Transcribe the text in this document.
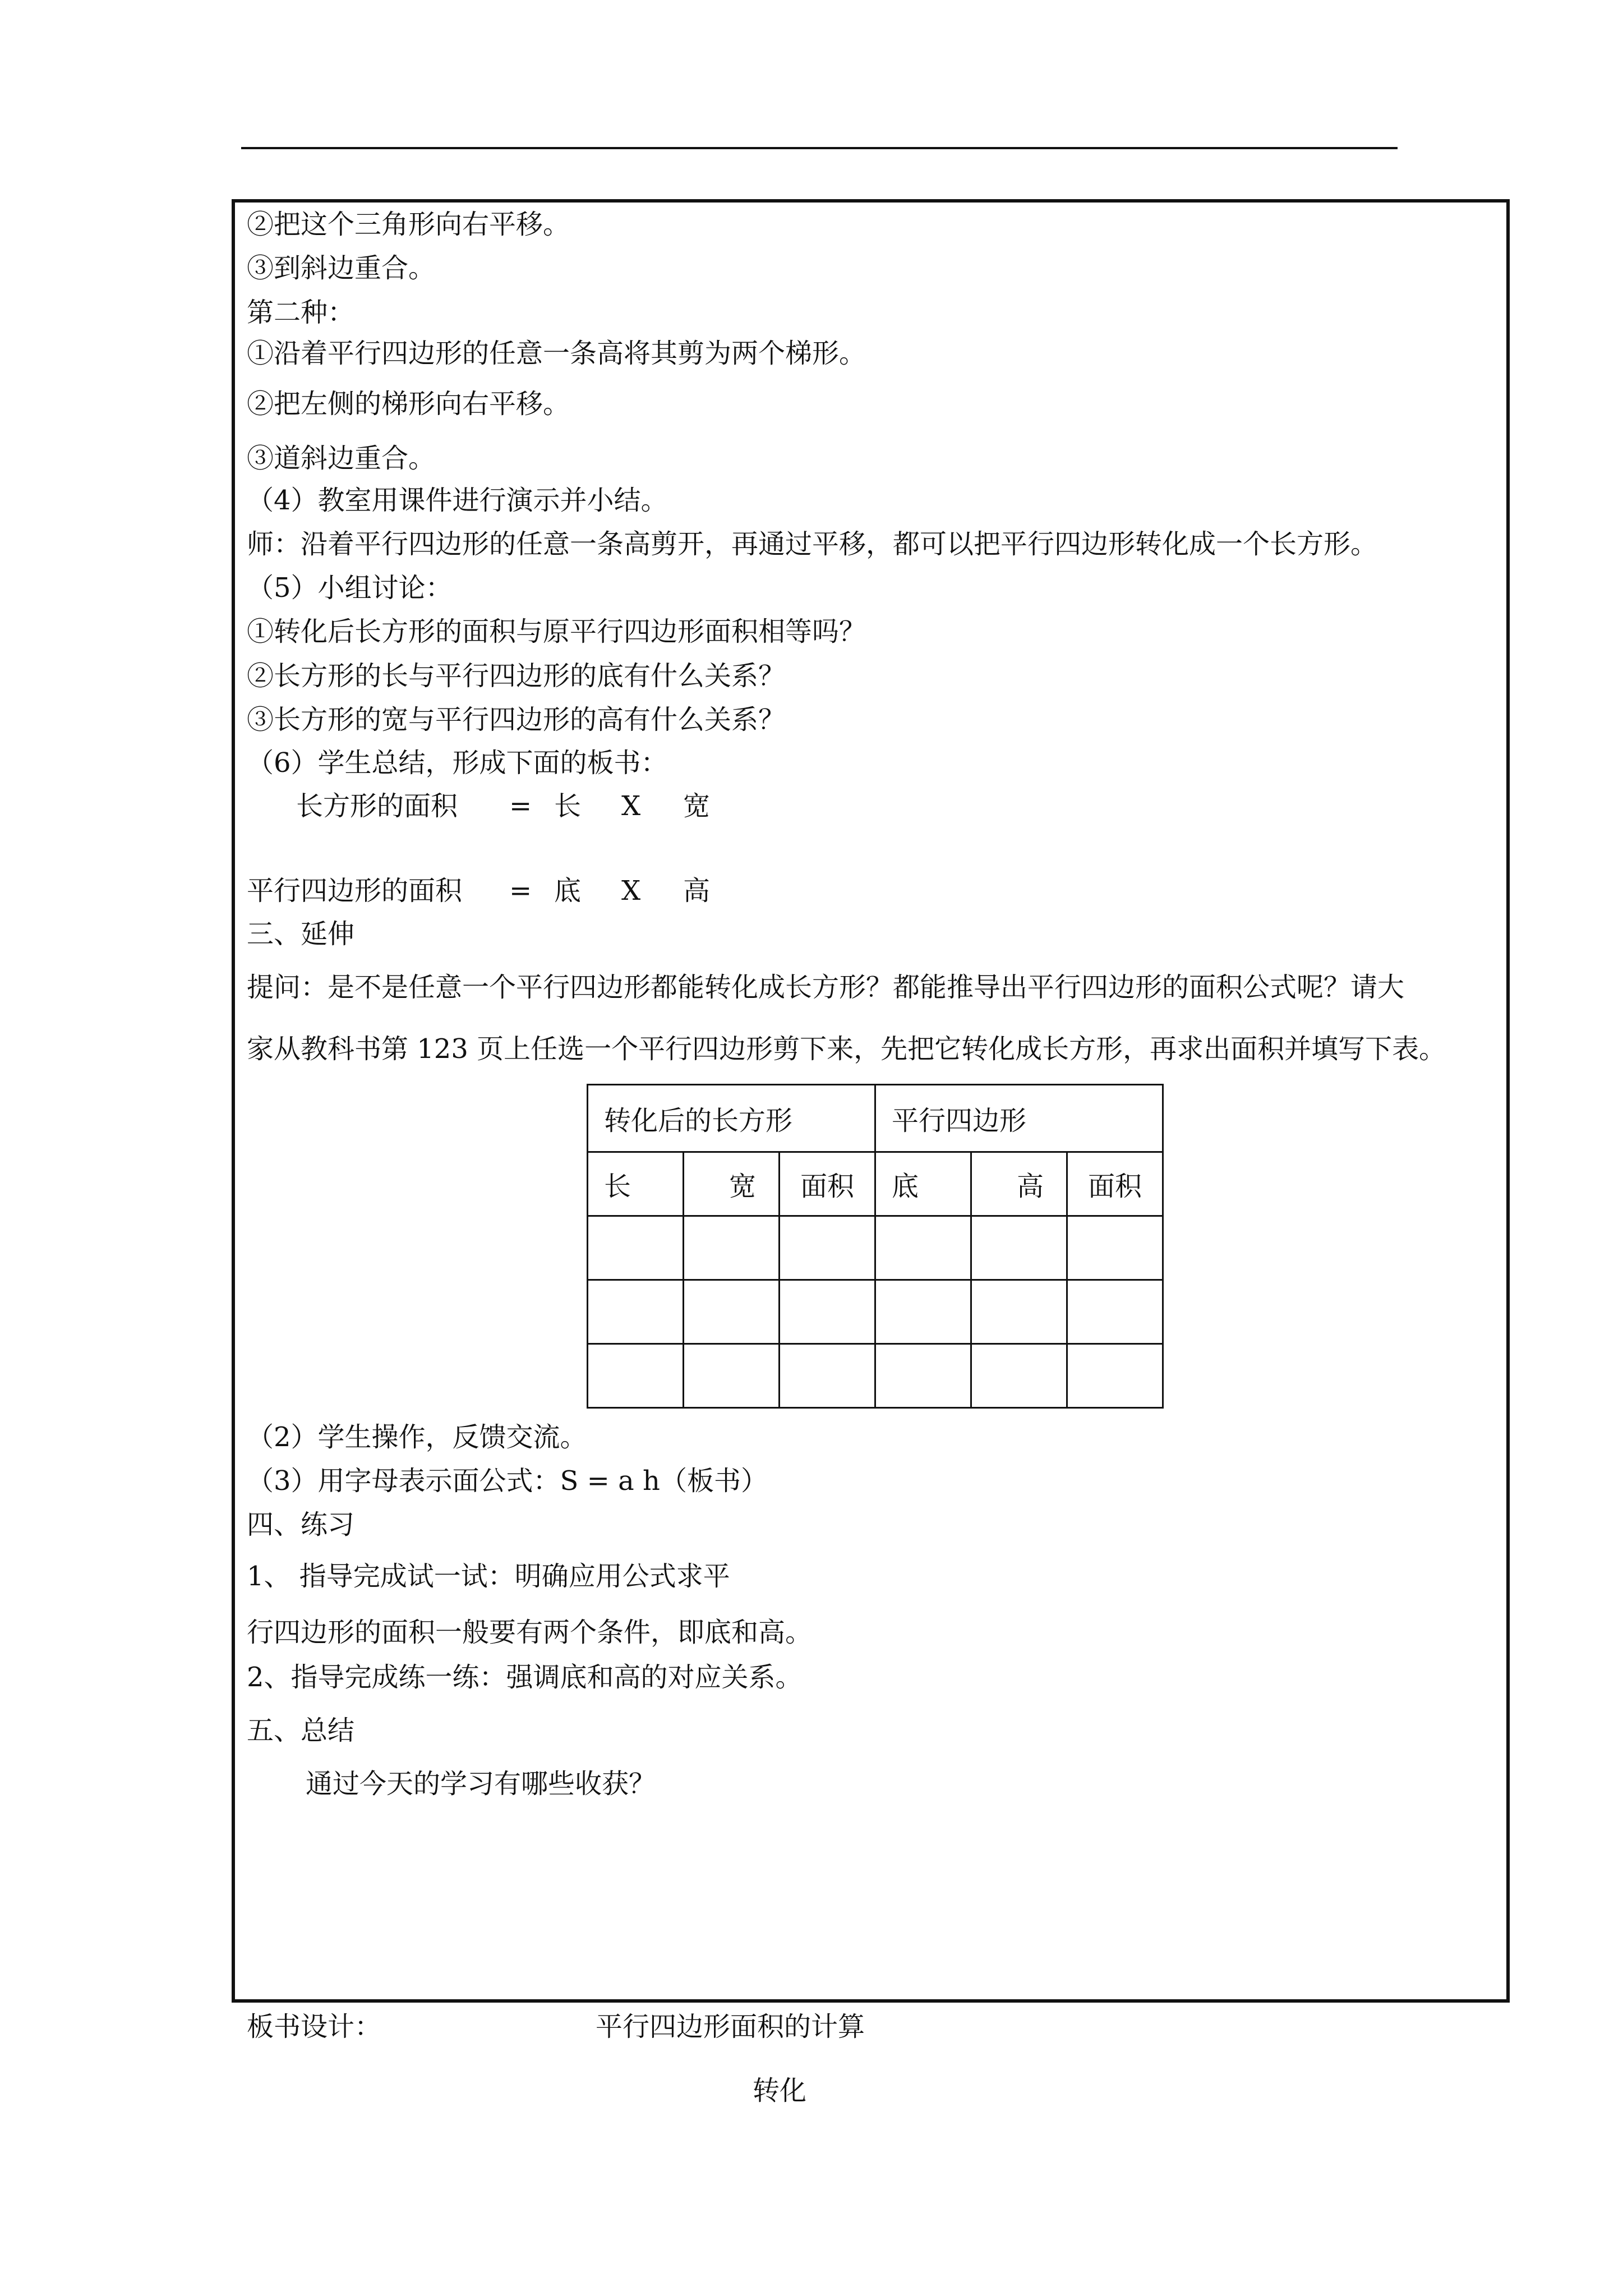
②把这个三角形向右平移。
③到斜边重合。
第二种：
①沿着平行四边形的任意一条高将其剪为两个梯形。
②把左侧的梯形向右平移。
③道斜边重合。
（4）教室用课件进行演示并小结。
师：沿着平行四边形的任意一条高剪开，再通过平移，都可以把平行四边形转化成一个长方形。
（5）小组讨论：
①转化后长方形的面积与原平行四边形面积相等吗？
②长方形的长与平行四边形的底有什么关系？
③长方形的宽与平行四边形的高有什么关系？
（6）学生总结，形成下面的板书：
长方形的面积 = 长 X 宽
平行四边形的面积 = 底 X 高
三、延伸
提问：是不是任意一个平行四边形都能转化成长方形？都能推导出平行四边形的面积公式呢？请大
家从教科书第 123 页上任选一个平行四边形剪下来，先把它转化成长方形，再求出面积并填写下表。
转化后的长方形			平行四边形		
长	宽	面积	底	高	面积

（2）学生操作，反馈交流。
（3）用字母表示面公式：S = a h（板书）
四、练习
1、 指导完成试一试：明确应用公式求平
行四边形的面积一般要有两个条件，即底和高。
2、指导完成练一练：强调底和高的对应关系。
五、总结
通过今天的学习有哪些收获？
板书设计：	平行四边形面积的计算
转化
